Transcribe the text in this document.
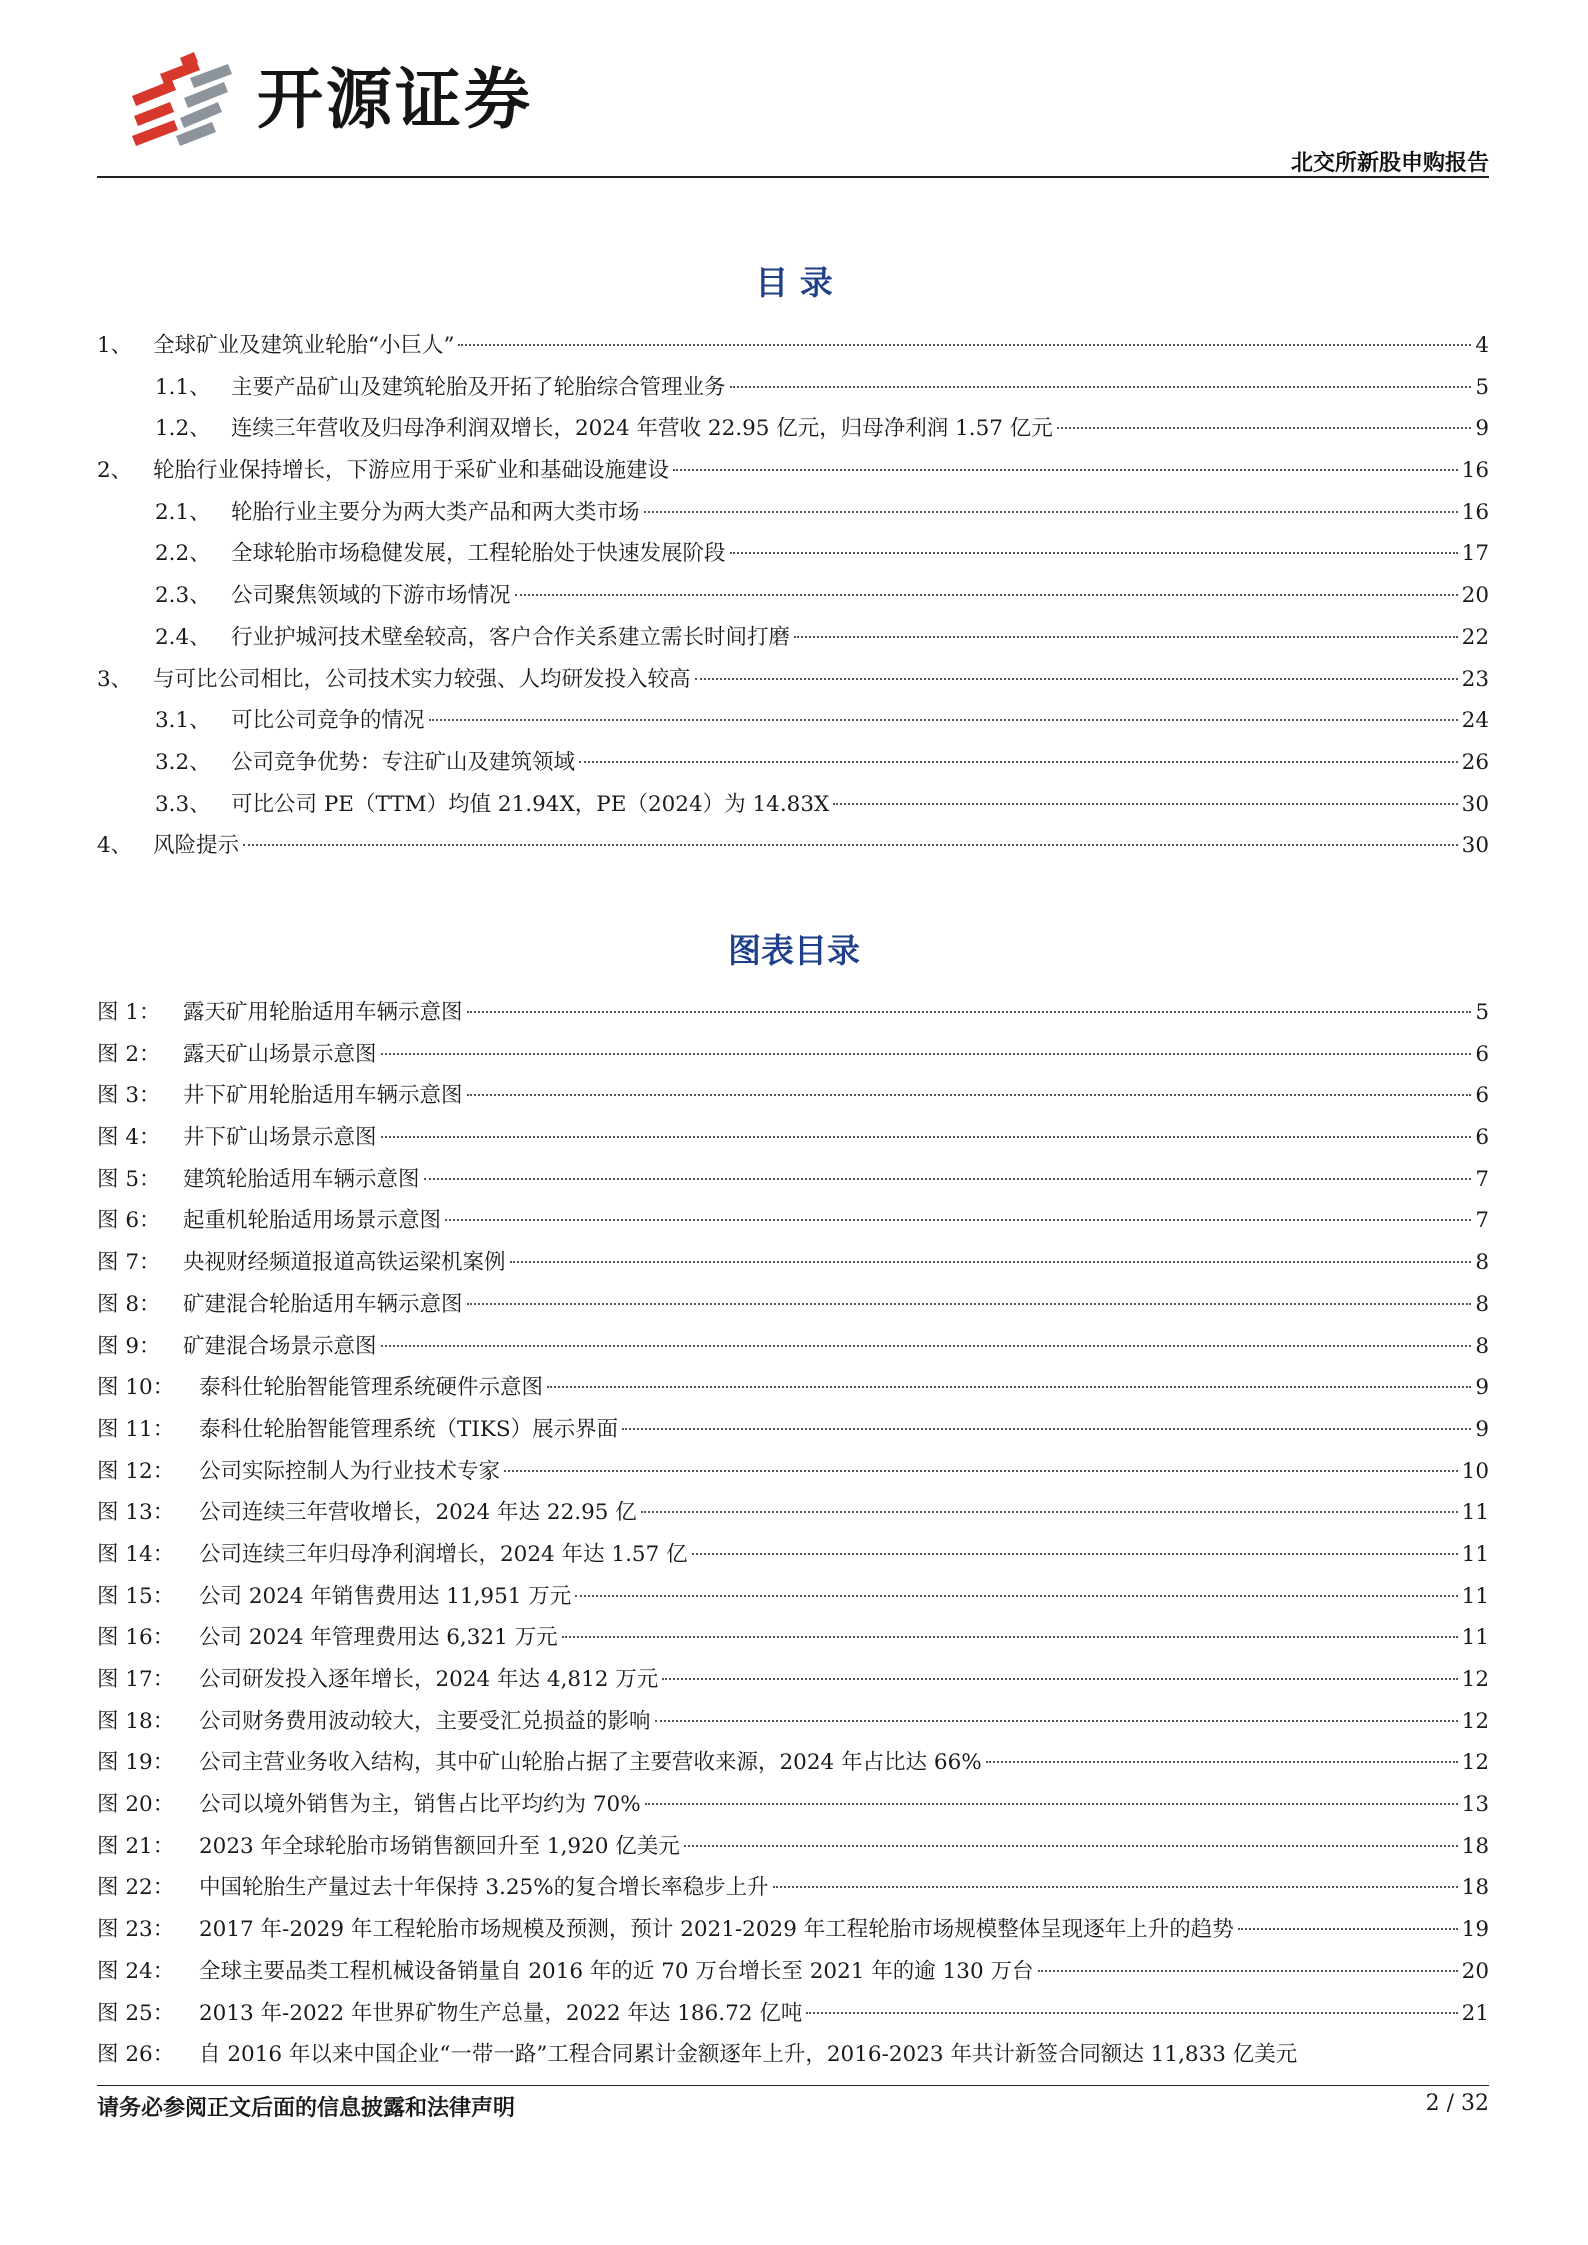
开源证券
北交所新股申购报告
目 录
1、 全球矿业及建筑业轮胎“小巨人”	4
1.1、 主要产品矿山及建筑轮胎及开拓了轮胎综合管理业务	5
1.2、 连续三年营收及归母净利润双增长，2024 年营收 22.95 亿元，归母净利润 1.57 亿元	9
2、 轮胎行业保持增长，下游应用于采矿业和基础设施建设	16
2.1、 轮胎行业主要分为两大类产品和两大类市场	16
2.2、 全球轮胎市场稳健发展，工程轮胎处于快速发展阶段	17
2.3、 公司聚焦领域的下游市场情况	20
2.4、 行业护城河技术壁垒较高，客户合作关系建立需长时间打磨	22
3、 与可比公司相比，公司技术实力较强、人均研发投入较高	23
3.1、 可比公司竞争的情况	24
3.2、 公司竞争优势：专注矿山及建筑领域	26
3.3、 可比公司 PE（TTM）均值 21.94X，PE（2024）为 14.83X	30
4、 风险提示	30
图表目录
图 1：	露天矿用轮胎适用车辆示意图	5
图 2：	露天矿山场景示意图	6
图 3：	井下矿用轮胎适用车辆示意图	6
图 4：	井下矿山场景示意图	6
图 5：	建筑轮胎适用车辆示意图	7
图 6：	起重机轮胎适用场景示意图	7
图 7：	央视财经频道报道高铁运梁机案例	8
图 8：	矿建混合轮胎适用车辆示意图	8
图 9：	矿建混合场景示意图	8
图 10：	泰科仕轮胎智能管理系统硬件示意图	9
图 11：	泰科仕轮胎智能管理系统（TIKS）展示界面	9
图 12：	公司实际控制人为行业技术专家	10
图 13：	公司连续三年营收增长，2024 年达 22.95 亿	11
图 14：	公司连续三年归母净利润增长，2024 年达 1.57 亿	11
图 15：	公司 2024 年销售费用达 11,951 万元	11
图 16：	公司 2024 年管理费用达 6,321 万元	11
图 17：	公司研发投入逐年增长，2024 年达 4,812 万元	12
图 18：	公司财务费用波动较大，主要受汇兑损益的影响	12
图 19：	公司主营业务收入结构，其中矿山轮胎占据了主要营收来源，2024 年占比达 66%	12
图 20：	公司以境外销售为主，销售占比平均约为 70%	13
图 21：	2023 年全球轮胎市场销售额回升至 1,920 亿美元	18
图 22：	中国轮胎生产量过去十年保持 3.25%的复合增长率稳步上升	18
图 23：	2017 年-2029 年工程轮胎市场规模及预测，预计 2021-2029 年工程轮胎市场规模整体呈现逐年上升的趋势	19
图 24：	全球主要品类工程机械设备销量自 2016 年的近 70 万台增长至 2021 年的逾 130 万台	20
图 25：	2013 年-2022 年世界矿物生产总量，2022 年达 186.72 亿吨	21
图 26：	自 2016 年以来中国企业“一带一路”工程合同累计金额逐年上升，2016-2023 年共计新签合同额达 11,833 亿美元
请务必参阅正文后面的信息披露和法律声明	2 / 32
